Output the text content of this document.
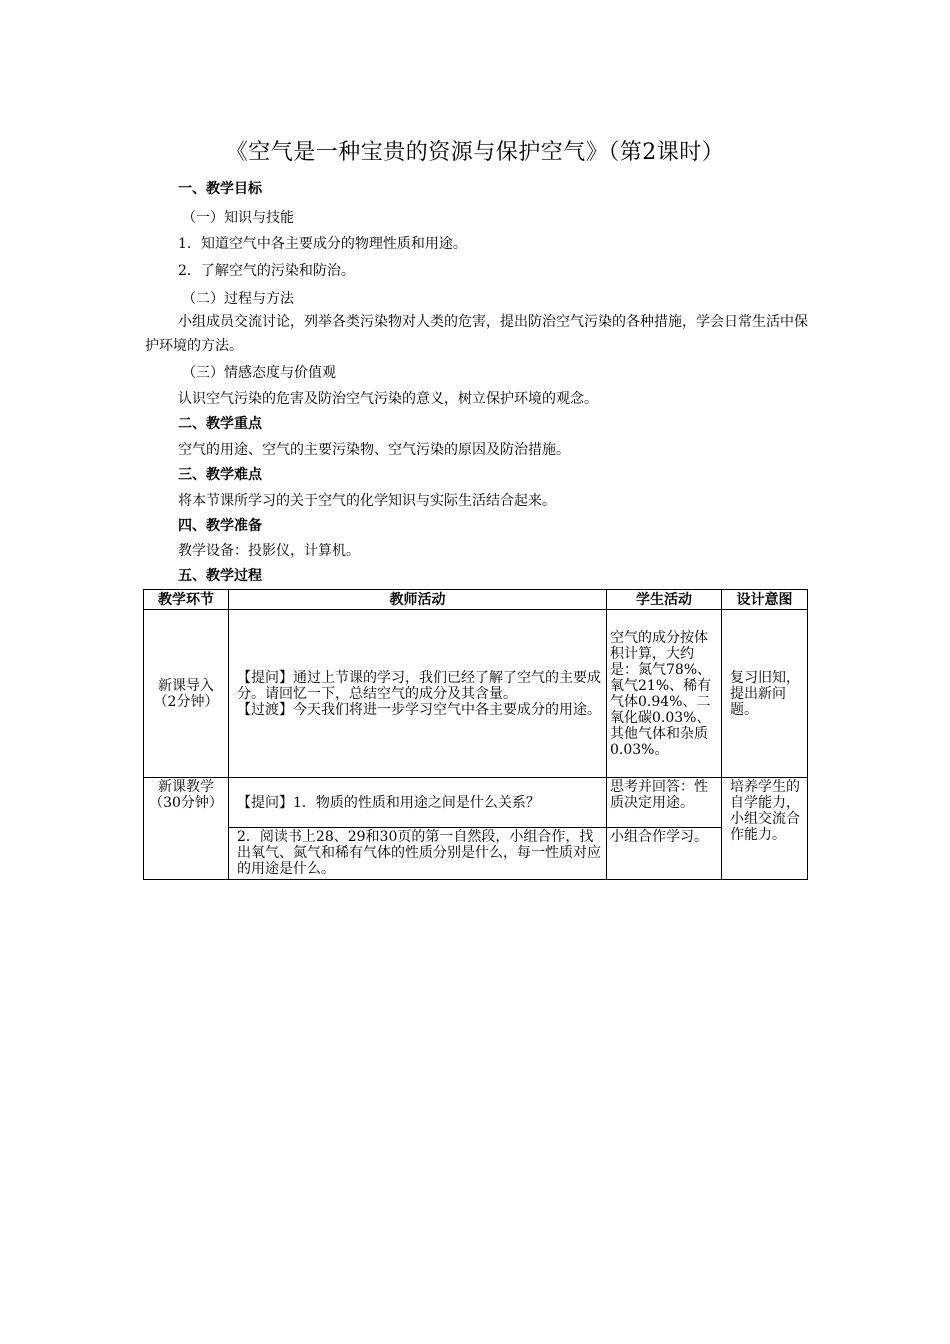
《空气是一种宝贵的资源与保护空气》（第2课时）
一、教学目标
（一）知识与技能
1．知道空气中各主要成分的物理性质和用途。
2．了解空气的污染和防治。
（二）过程与方法
小组成员交流讨论，列举各类污染物对人类的危害，提出防治空气污染的各种措施，学会日常生活中保护环境的方法。
（三）情感态度与价值观
认识空气污染的危害及防治空气污染的意义，树立保护环境的观念。
二、教学重点
空气的用途、空气的主要污染物、空气污染的原因及防治措施。
三、教学难点
将本节课所学习的关于空气的化学知识与实际生活结合起来。
四、教学准备
教学设备：投影仪，计算机。
五、教学过程
教学环节	教师活动	学生活动	设计意图
新课导入（2分钟）	【提问】通过上节课的学习，我们已经了解了空气的主要成分。请回忆一下，总结空气的成分及其含量。
【过渡】今天我们将进一步学习空气中各主要成分的用途。	空气的成分按体积计算，大约是：氮气78%、氧气21%、稀有气体0.94%、二氧化碳0.03%、其他气体和杂质0.03%。	复习旧知，提出新问题。
新课教学（30分钟）	【提问】1．物质的性质和用途之间是什么关系？	思考并回答：性质决定用途。	培养学生的自学能力，小组交流合作能力。
	2．阅读书上28、29和30页的第一自然段，小组合作，找出氧气、氮气和稀有气体的性质分别是什么，每一性质对应的用途是什么。	小组合作学习。	
